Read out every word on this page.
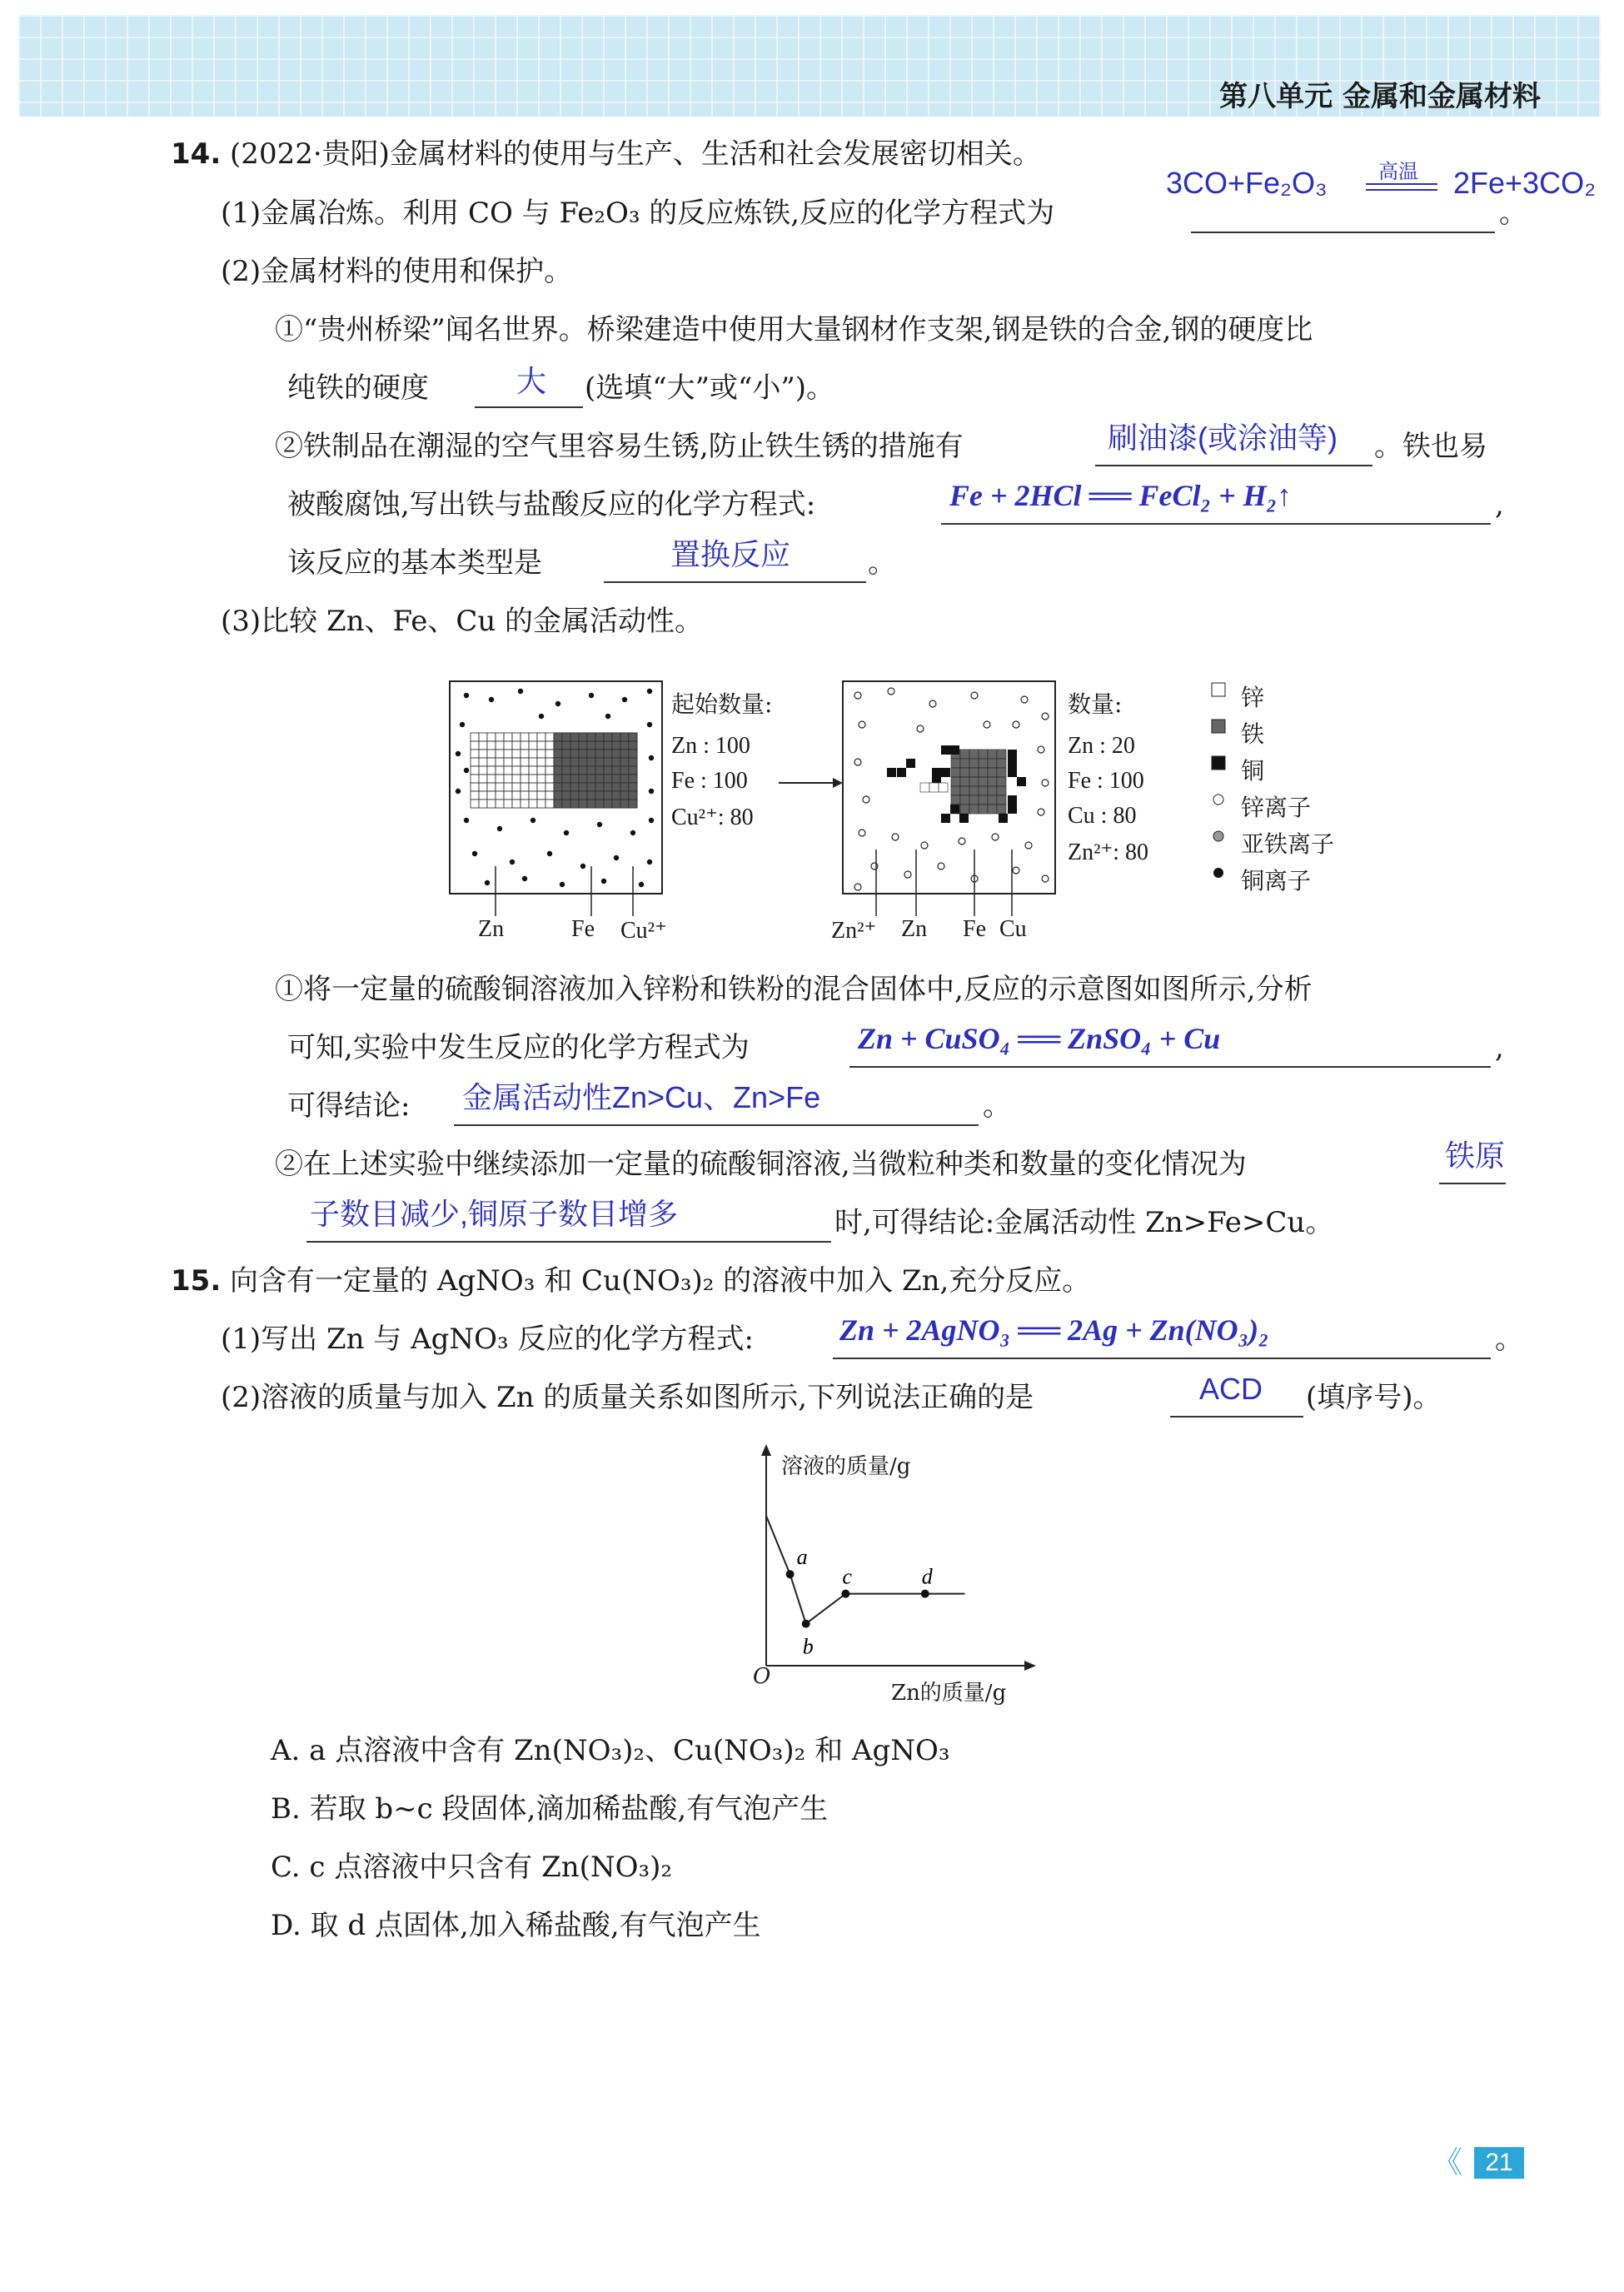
第八单元 金属和金属材料
14. (2022·贵阳)金属材料的使用与生产、生活和社会发展密切相关。
(1)金属冶炼。利用 CO 与 Fe₂O₃ 的反应炼铁,反应的化学方程式为	。
3CO+Fe₂O₃	高温 2Fe+3CO₂
(2)金属材料的使用和保护。
①“贵州桥梁”闻名世界。桥梁建造中使用大量钢材作支架,钢是铁的合金,钢的硬度比
纯铁的硬度	大 (选填“大”或“小”)。
②铁制品在潮湿的空气里容易生锈,防止铁生锈的措施有	刷油漆(或涂油等) 。铁也易
被酸腐蚀,写出铁与盐酸反应的化学方程式:	Fe + 2HCl ══ FeCl₂ + H₂↑	,
该反应的基本类型是	置换反应	。
(3)比较 Zn、Fe、Cu 的金属活动性。
起始数量:
Zn : 100
Fe : 100
Cu²⁺: 80
数量:
Zn : 20
Fe : 100
Cu : 80
Zn²⁺: 80
Zn	Fe Cu²⁺	Zn²⁺ Zn Fe Cu
锌
铁
铜
锌离子
亚铁离子
铜离子
①将一定量的硫酸铜溶液加入锌粉和铁粉的混合固体中,反应的示意图如图所示,分析
可知,实验中发生反应的化学方程式为	Zn + CuSO₄ ══ ZnSO₄ + Cu	,
可得结论: 金属活动性Zn>Cu、Zn>Fe	。
②在上述实验中继续添加一定量的硫酸铜溶液,当微粒种类和数量的变化情况为	铁原
子数目减少,铜原子数目增多	时,可得结论:金属活动性 Zn>Fe>Cu。
15. 向含有一定量的 AgNO₃ 和 Cu(NO₃)₂ 的溶液中加入 Zn,充分反应。
(1)写出 Zn 与 AgNO₃ 反应的化学方程式:	Zn + 2AgNO₃ ══ 2Ag + Zn(NO₃)₂	。
(2)溶液的质量与加入 Zn 的质量关系如图所示,下列说法正确的是	ACD (填序号)。
a
b
c	d
溶液的质量/g
Zn的质量/g
O
A. a 点溶液中含有 Zn(NO₃)₂、Cu(NO₃)₂ 和 AgNO₃
B. 若取 b~c 段固体,滴加稀盐酸,有气泡产生
C. c 点溶液中只含有 Zn(NO₃)₂
D. 取 d 点固体,加入稀盐酸,有气泡产生
《 21
